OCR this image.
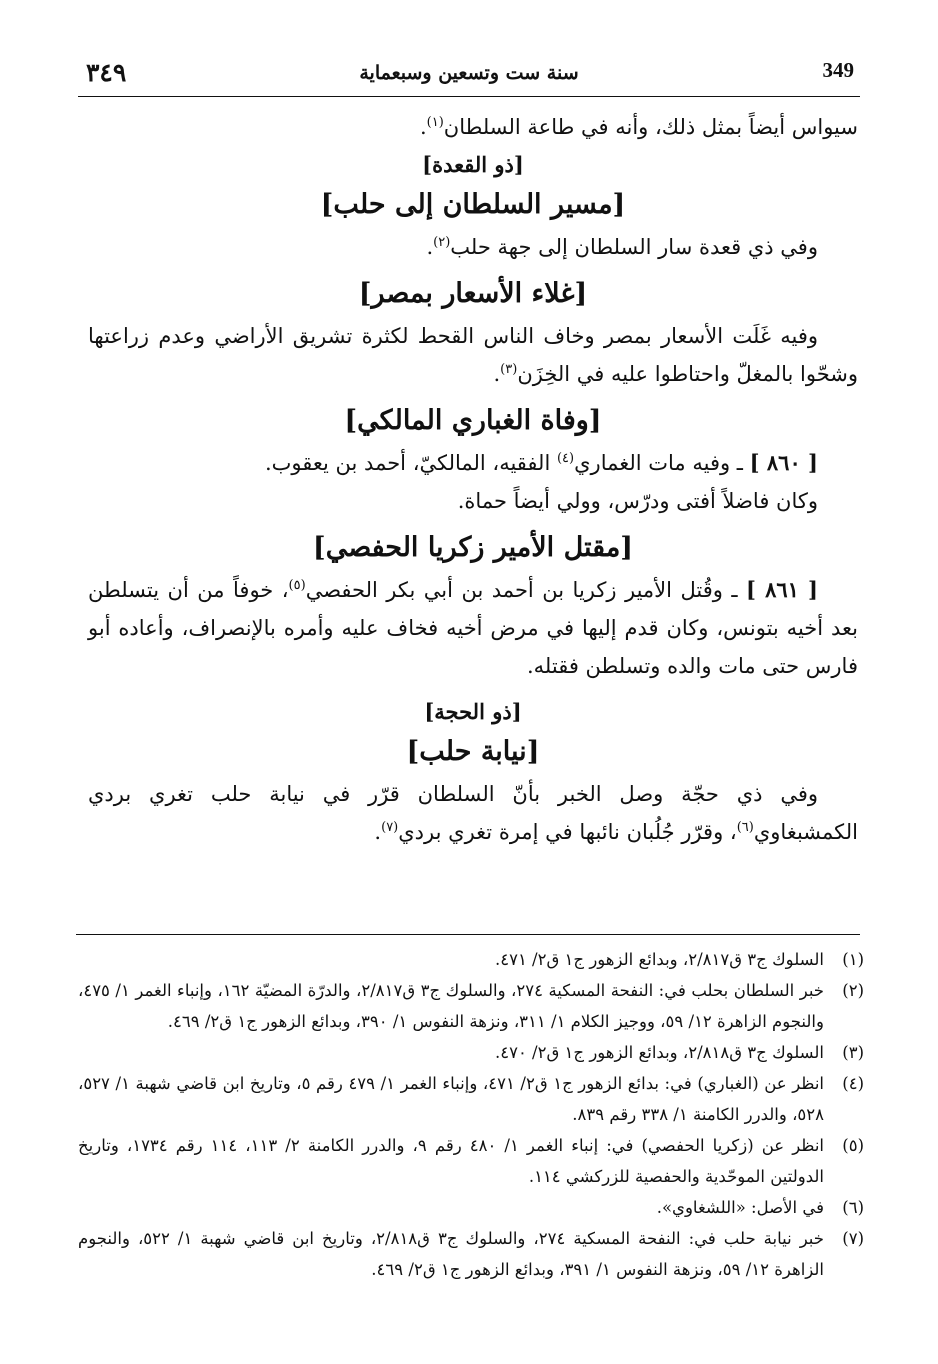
349
سنة ست وتسعين وسبعماية
٣٤٩

سيواس أيضاً بمثل ذلك، وأنه في طاعة السلطان$^{(١)}$.

[ذو القعدة]
[مسير السلطان إلى حلب]

وفي ذي قعدة سار السلطان إلى جهة حلب$^{(٢)}$.

[غلاء الأسعار بمصر]

وفيه غَلَت الأسعار بمصر وخاف الناس القحط لكثرة تشريق الأراضي وعدم زراعتها وشحّوا بالمغلّ واحتاطوا عليه في الخِزَن$^{(٣)}$.

[وفاة الغباري المالكي]

[ ٨٦٠ ] ـ وفيه مات الغماري$^{(٤)}$ الفقيه، المالكيّ، أحمد بن يعقوب.

وكان فاضلاً أفتى ودرّس، وولي أيضاً حماة.

[مقتل الأمير زكريا الحفصي]

[ ٨٦١ ] ـ وقُتل الأمير زكريا بن أحمد بن أبي بكر الحفصي$^{(٥)}$، خوفاً من أن يتسلطن بعد أخيه بتونس، وكان قدم إليها في مرض أخيه فخاف عليه وأمره بالإنصراف، وأعاده أبو فارس حتى مات والده وتسلطن فقتله.

[ذو الحجة]
[نيابة حلب]

وفي ذي حجّة وصل الخبر بأنّ السلطان قرّر في نيابة حلب تغري بردي الكمشبغاوي$^{(٦)}$، وقرّر جُلُبان نائبها في إمرة تغري بردي$^{(٧)}$.

(١)
السلوك ج٣ ق٢/٨١٧، وبدائع الزهور ج١ ق٢/ ٤٧١.
(٢)
خبر السلطان بحلب في: النفحة المسكية ٢٧٤، والسلوك ج٣ ق٢/٨١٧، والدرّة المضيّة ١٦٢، وإنباء الغمر ١/ ٤٧٥، والنجوم الزاهرة ١٢/ ٥٩، ووجيز الكلام ١/ ٣١١، ونزهة النفوس ١/ ٣٩٠، وبدائع الزهور ج١ ق٢/ ٤٦٩.
(٣)
السلوك ج٣ ق٢/٨١٨، وبدائع الزهور ج١ ق٢/ ٤٧٠.
(٤)
انظر عن (الغباري) في: بدائع الزهور ج١ ق٢/ ٤٧١، وإنباء الغمر ١/ ٤٧٩ رقم ٥، وتاريخ ابن قاضي شهبة ١/ ٥٢٧، ٥٢٨، والدرر الكامنة ١/ ٣٣٨ رقم ٨٣٩.
(٥)
انظر عن (زكريا الحفصي) في: إنباء الغمر ١/ ٤٨٠ رقم ٩، والدرر الكامنة ٢/ ١١٣، ١١٤ رقم ١٧٣٤، وتاريخ الدولتين الموحّدية والحفصية للزركشي ١١٤.
(٦)
في الأصل: «اللشغاوي».
(٧)
خبر نيابة حلب في: النفحة المسكية ٢٧٤، والسلوك ج٣ ق٢/٨١٨، وتاريخ ابن قاضي شهبة ١/ ٥٢٢، والنجوم الزاهرة ١٢/ ٥٩، ونزهة النفوس ١/ ٣٩١، وبدائع الزهور ج١ ق٢/ ٤٦٩.
